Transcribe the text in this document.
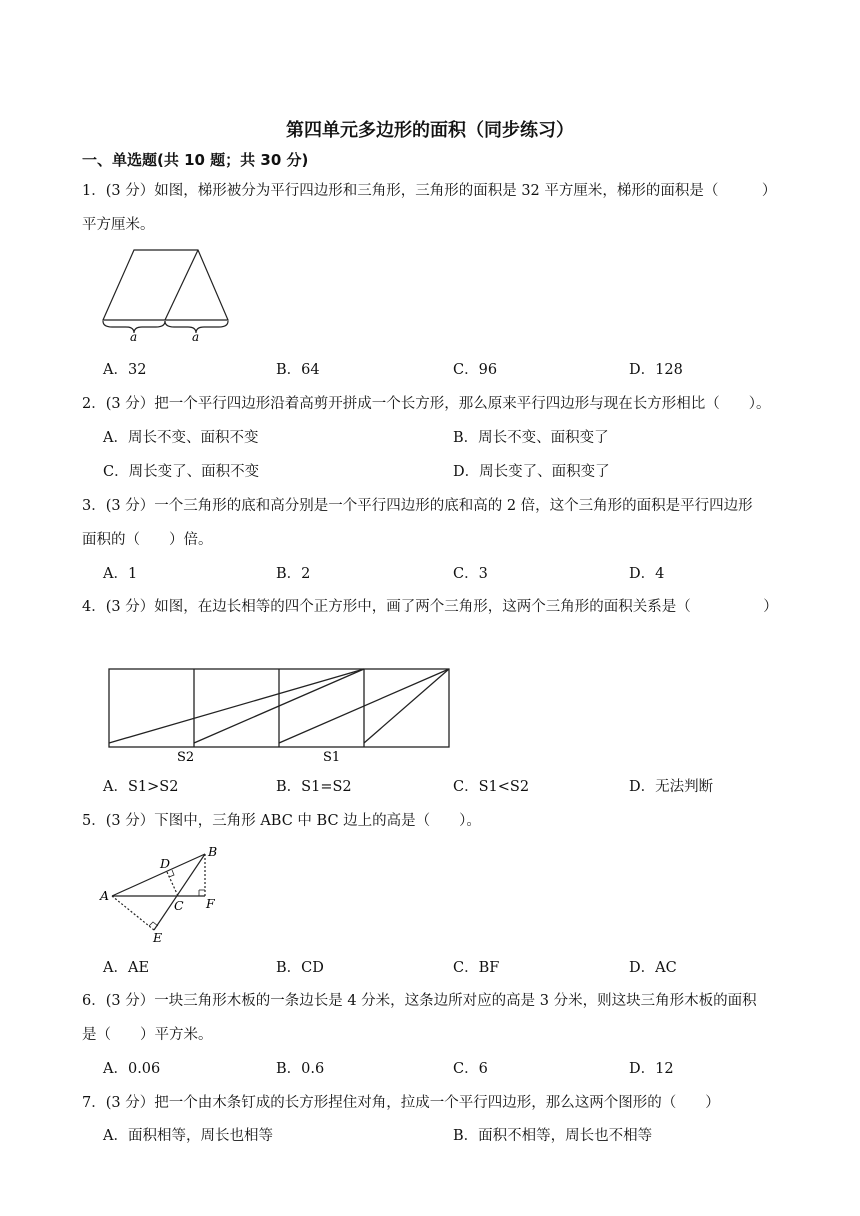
第四单元多边形的面积（同步练习）
一、单选题(共 10 题；共 30 分)
1．(3 分）如图，梯形被分为平行四边形和三角形，三角形的面积是 32 平方厘米，梯形的面积是（　　　）
平方厘米。
a	a
A．32	B．64	C．96	D．128
2．(3 分）把一个平行四边形沿着高剪开拼成一个长方形，那么原来平行四边形与现在长方形相比（　　）。
A．周长不变、面积不变	B．周长不变、面积变了
C．周长变了、面积不变	D．周长变了、面积变了
3．(3 分）一个三角形的底和高分别是一个平行四边形的底和高的 2 倍，这个三角形的面积是平行四边形
面积的（　　）倍。
A．1	B．2	C．3	D．4
4．(3 分）如图，在边长相等的四个正方形中，画了两个三角形，这两个三角形的面积关系是（　　　　　）
S2	S1
A．S1>S2	B．S1=S2	C．S1<S2	D．无法判断
5．(3 分）下图中，三角形 ABC 中 BC 边上的高是（　　）。
A
B
C
D
E
F
A．AE	B．CD	C．BF	D．AC
6．(3 分）一块三角形木板的一条边长是 4 分米，这条边所对应的高是 3 分米，则这块三角形木板的面积
是（　　）平方米。
A．0.06	B．0.6	C．6	D．12
7．(3 分）把一个由木条钉成的长方形捏住对角，拉成一个平行四边形，那么这两个图形的（　　）
A．面积相等，周长也相等	B．面积不相等，周长也不相等
